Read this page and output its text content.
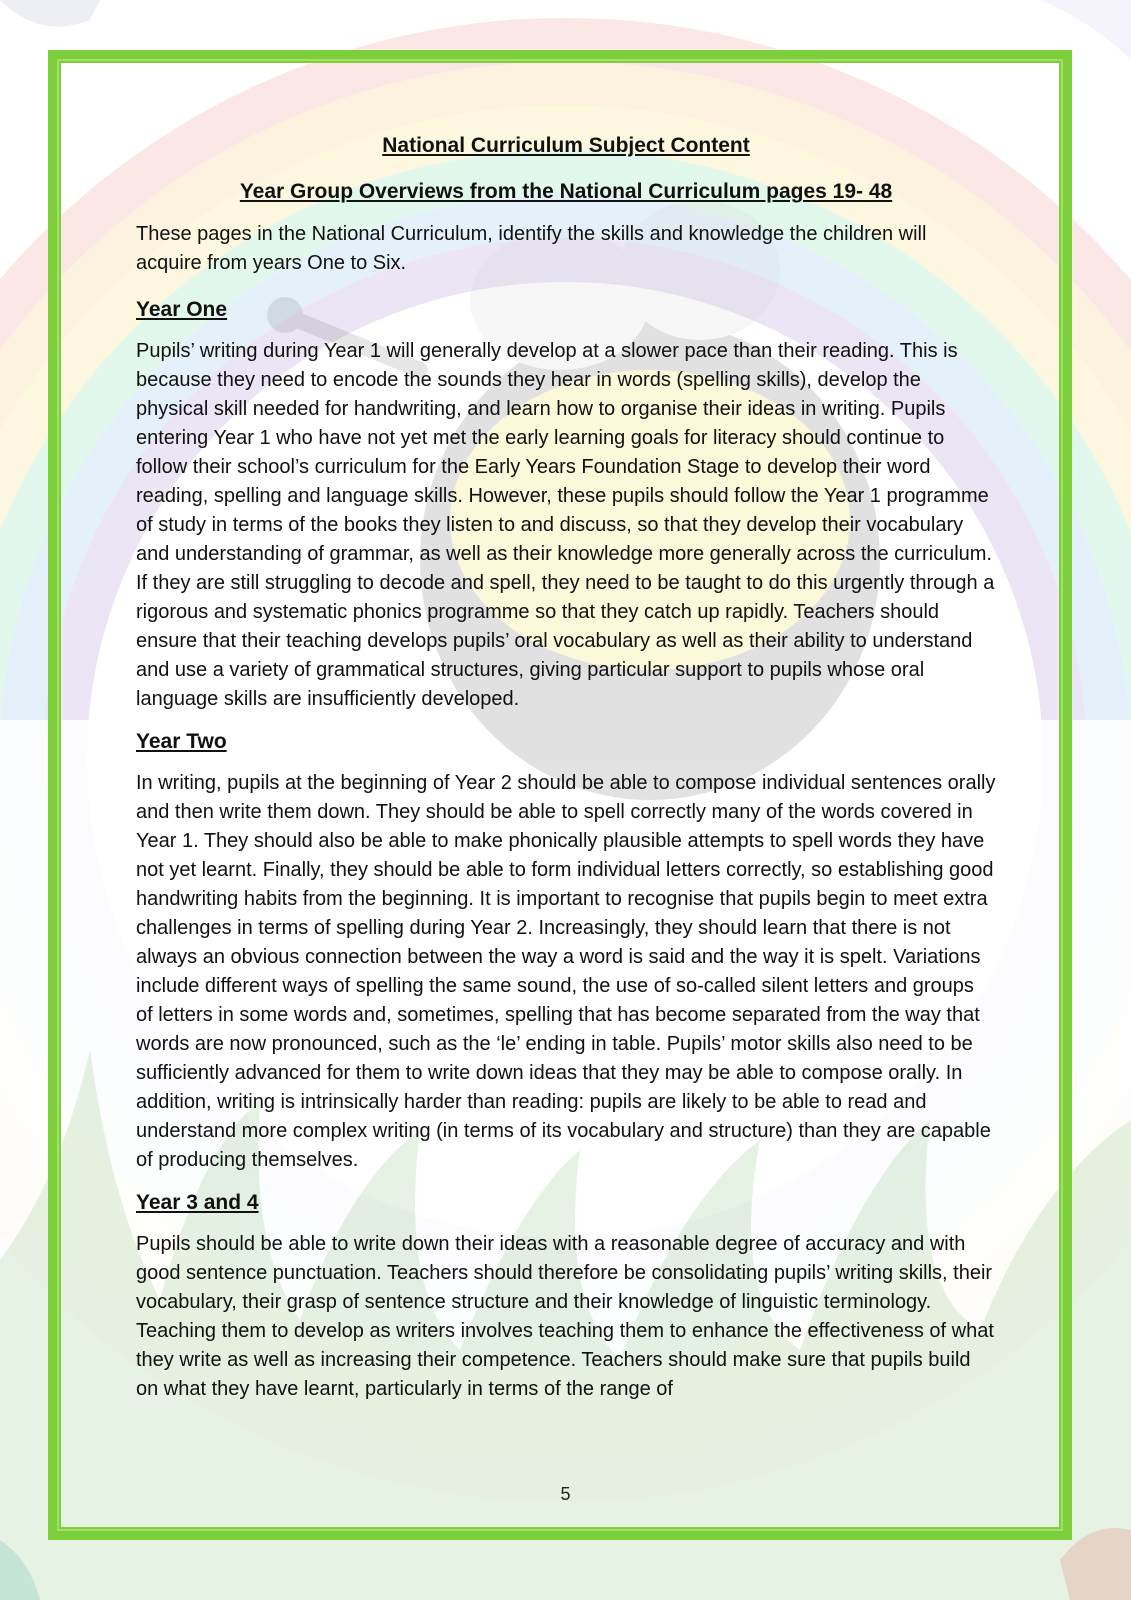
National Curriculum Subject Content
Year Group Overviews from the National Curriculum pages 19- 48

These pages in the National Curriculum, identify the skills and knowledge the children will acquire from years One to Six.

Year One

Pupils’ writing during Year 1 will generally develop at a slower pace than their reading. This is because they need to encode the sounds they hear in words (spelling skills), develop the physical skill needed for handwriting, and learn how to organise their ideas in writing. Pupils entering Year 1 who have not yet met the early learning goals for literacy should continue to follow their school’s curriculum for the Early Years Foundation Stage to develop their word reading, spelling and language skills. However, these pupils should follow the Year 1 programme of study in terms of the books they listen to and discuss, so that they develop their vocabulary and understanding of grammar, as well as their knowledge more generally across the curriculum. If they are still struggling to decode and spell, they need to be taught to do this urgently through a rigorous and systematic phonics programme so that they catch up rapidly. Teachers should ensure that their teaching develops pupils’ oral vocabulary as well as their ability to understand and use a variety of grammatical structures, giving particular support to pupils whose oral language skills are insufficiently developed.

Year Two

In writing, pupils at the beginning of Year 2 should be able to compose individual sentences orally and then write them down. They should be able to spell correctly many of the words covered in Year 1. They should also be able to make phonically plausible attempts to spell words they have not yet learnt. Finally, they should be able to form individual letters correctly, so establishing good handwriting habits from the beginning. It is important to recognise that pupils begin to meet extra challenges in terms of spelling during Year 2. Increasingly, they should learn that there is not always an obvious connection between the way a word is said and the way it is spelt. Variations include different ways of spelling the same sound, the use of so-called silent letters and groups of letters in some words and, sometimes, spelling that has become separated from the way that words are now pronounced, such as the ‘le’ ending in table. Pupils’ motor skills also need to be sufficiently advanced for them to write down ideas that they may be able to compose orally. In addition, writing is intrinsically harder than reading: pupils are likely to be able to read and understand more complex writing (in terms of its vocabulary and structure) than they are capable of producing themselves.

Year 3 and 4

Pupils should be able to write down their ideas with a reasonable degree of accuracy and with good sentence punctuation. Teachers should therefore be consolidating pupils’ writing skills, their vocabulary, their grasp of sentence structure and their knowledge of linguistic terminology. Teaching them to develop as writers involves teaching them to enhance the effectiveness of what they write as well as increasing their competence. Teachers should make sure that pupils build on what they have learnt, particularly in terms of the range of

5
